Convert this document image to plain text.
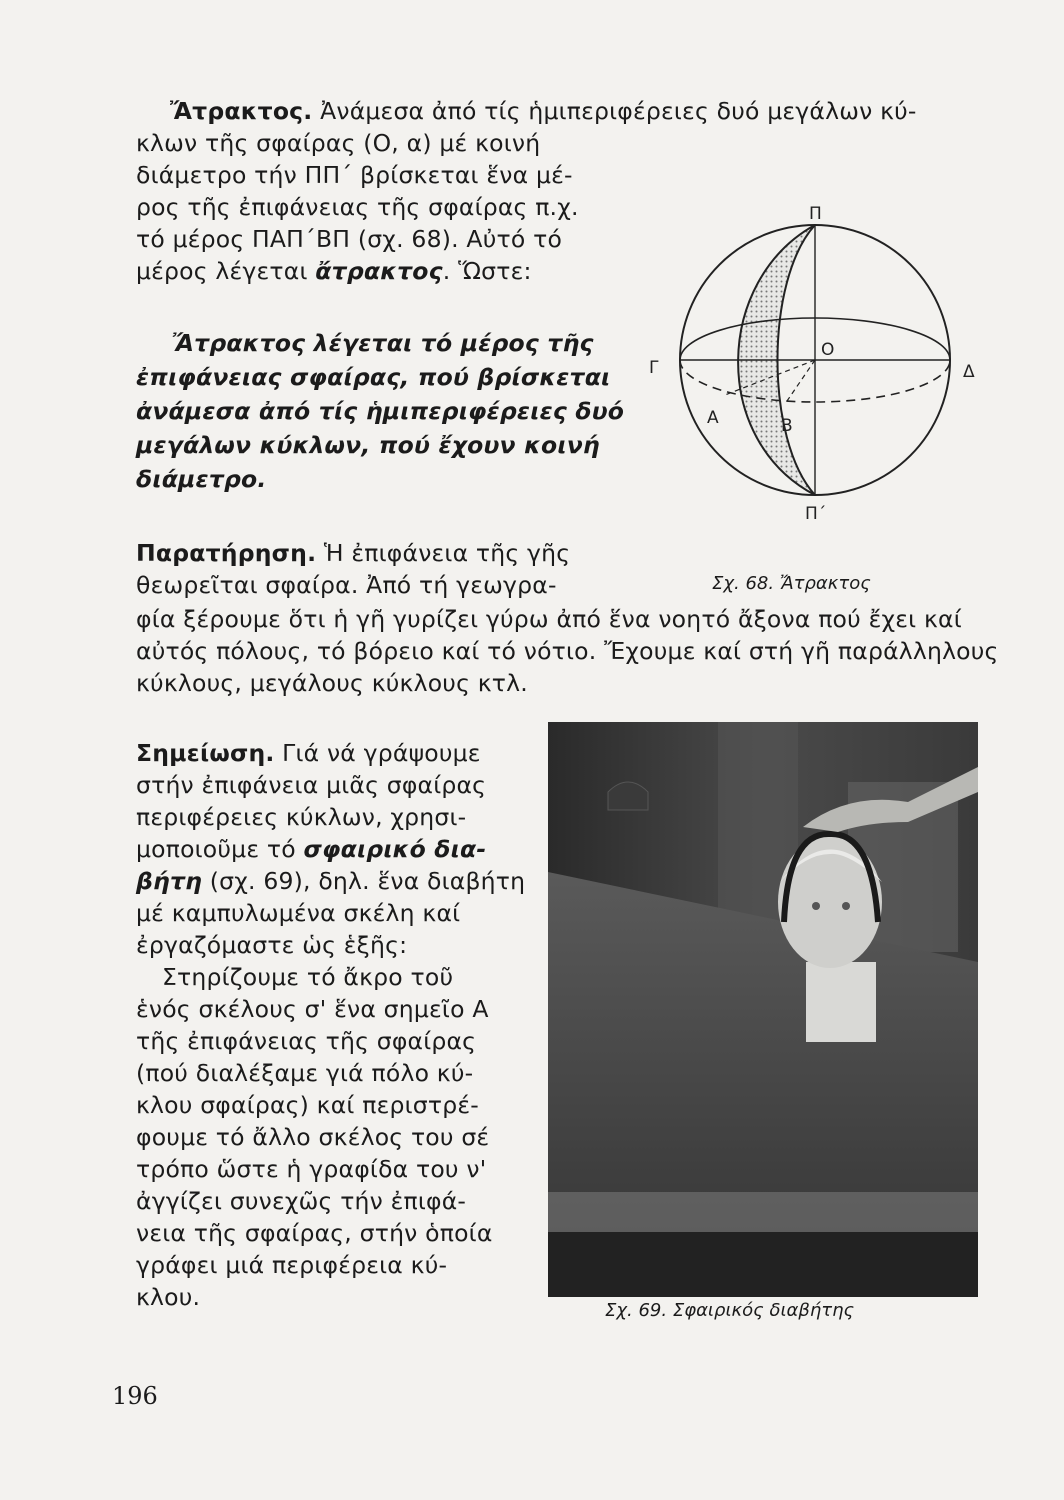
Ἄτρακτος. Ἀνάμεσα ἀπό τίς ἡμιπεριφέρειες δυό μεγάλων κύ-

κλων τῆς σφαίρας (Ο, α) μέ κοινή

διάμετρο τήν ΠΠ΄ βρίσκεται ἕνα μέ-

ρος τῆς ἐπιφάνειας τῆς σφαίρας π.χ.

τό μέρος ΠΑΠ΄ΒΠ (σχ. 68). Αὐτό τό

μέρος λέγεται ἄτρακτος. Ὥστε:

Ἄτρακτος λέγεται τό μέρος τῆς

ἐπιφάνειας σφαίρας, πού βρίσκεται

ἀνάμεσα ἀπό τίς ἡμιπεριφέρειες δυό

μεγάλων κύκλων, πού ἔχουν κοινή

διάμετρο.

Π
Π΄
Γ	Δ
Ο
Α	Β
Σχ. 68. Ἄτρακτος

Παρατήρηση. Ἡ ἐπιφάνεια τῆς γῆς

θεωρεῖται σφαίρα. Ἀπό τή γεωγρα-

φία ξέρουμε ὅτι ἡ γῆ γυρίζει γύρω ἀπό ἕνα νοητό ἄξονα πού ἔχει καί

αὐτός πόλους, τό βόρειο καί τό νότιο. Ἔχουμε καί στή γῆ παράλληλους

κύκλους, μεγάλους κύκλους κτλ.

Σημείωση. Γιά νά γράψουμε

στήν ἐπιφάνεια μιᾶς σφαίρας

περιφέρειες κύκλων, χρησι-

μοποιοῦμε τό σφαιρικό δια-

βήτη (σχ. 69), δηλ. ἕνα διαβήτη

μέ καμπυλωμένα σκέλη καί

ἐργαζόμαστε ὡς ἑξῆς:

Στηρίζουμε τό ἄκρο τοῦ

ἑνός σκέλους σ' ἕνα σημεῖο Α

τῆς ἐπιφάνειας τῆς σφαίρας

(πού διαλέξαμε γιά πόλο κύ-

κλου σφαίρας) καί περιστρέ-

φουμε τό ἄλλο σκέλος του σέ

τρόπο ὥστε ἡ γραφίδα του ν'

ἀγγίζει συνεχῶς τήν ἐπιφά-

νεια τῆς σφαίρας, στήν ὁποία

γράφει μιά περιφέρεια κύ-

κλου.	Σχ. 69. Σφαιρικός διαβήτης
196
